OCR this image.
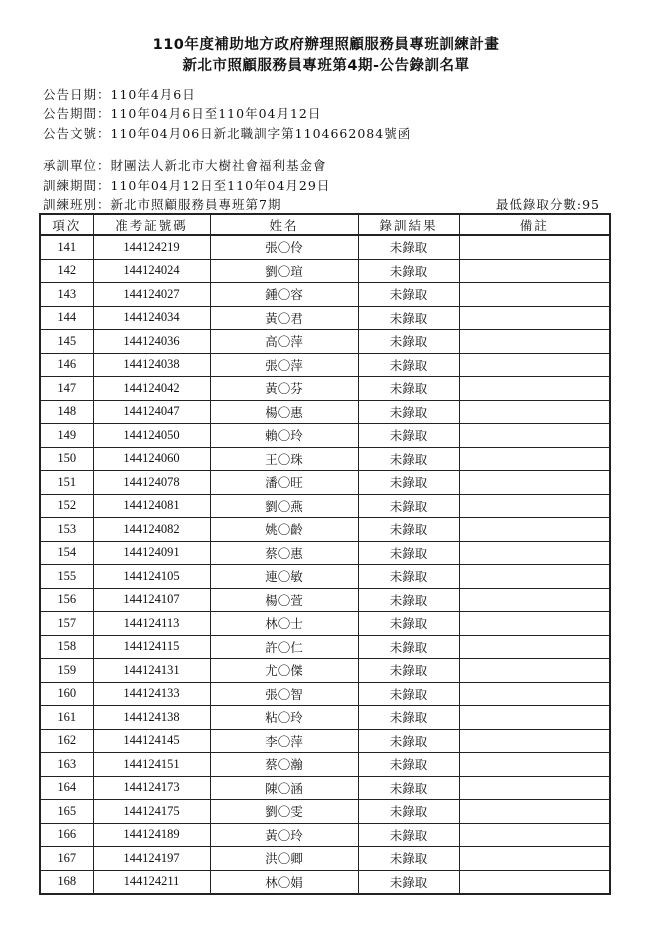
110年度補助地方政府辦理照顧服務員專班訓練計畫
新北市照顧服務員專班第4期-公告錄訓名單
公告日期：110年4月6日
公告期間：110年04月6日至110年04月12日
公告文號：110年04月06日新北職訓字第1104662084號函
承訓單位：財團法人新北市大樹社會福利基金會
訓練期間：110年04月12日至110年04月29日
訓練班別：新北市照顧服務員專班第7期	最低錄取分數:95
項次	准考証號碼	姓名	錄訓結果	備註
141	144124219	張〇伶	未錄取	
142	144124024	劉〇瑄	未錄取	
143	144124027	鍾〇容	未錄取	
144	144124034	黃〇君	未錄取	
145	144124036	高〇萍	未錄取	
146	144124038	張〇萍	未錄取	
147	144124042	黃〇芬	未錄取	
148	144124047	楊〇惠	未錄取	
149	144124050	賴〇玲	未錄取	
150	144124060	王〇珠	未錄取	
151	144124078	潘〇旺	未錄取	
152	144124081	劉〇燕	未錄取	
153	144124082	姚〇齡	未錄取	
154	144124091	蔡〇惠	未錄取	
155	144124105	連〇敏	未錄取	
156	144124107	楊〇萱	未錄取	
157	144124113	林〇士	未錄取	
158	144124115	許〇仁	未錄取	
159	144124131	尤〇傑	未錄取	
160	144124133	張〇智	未錄取	
161	144124138	粘〇玲	未錄取	
162	144124145	李〇萍	未錄取	
163	144124151	蔡〇瀚	未錄取	
164	144124173	陳〇涵	未錄取	
165	144124175	劉〇雯	未錄取	
166	144124189	黃〇玲	未錄取	
167	144124197	洪〇卿	未錄取	
168	144124211	林〇娟	未錄取	
